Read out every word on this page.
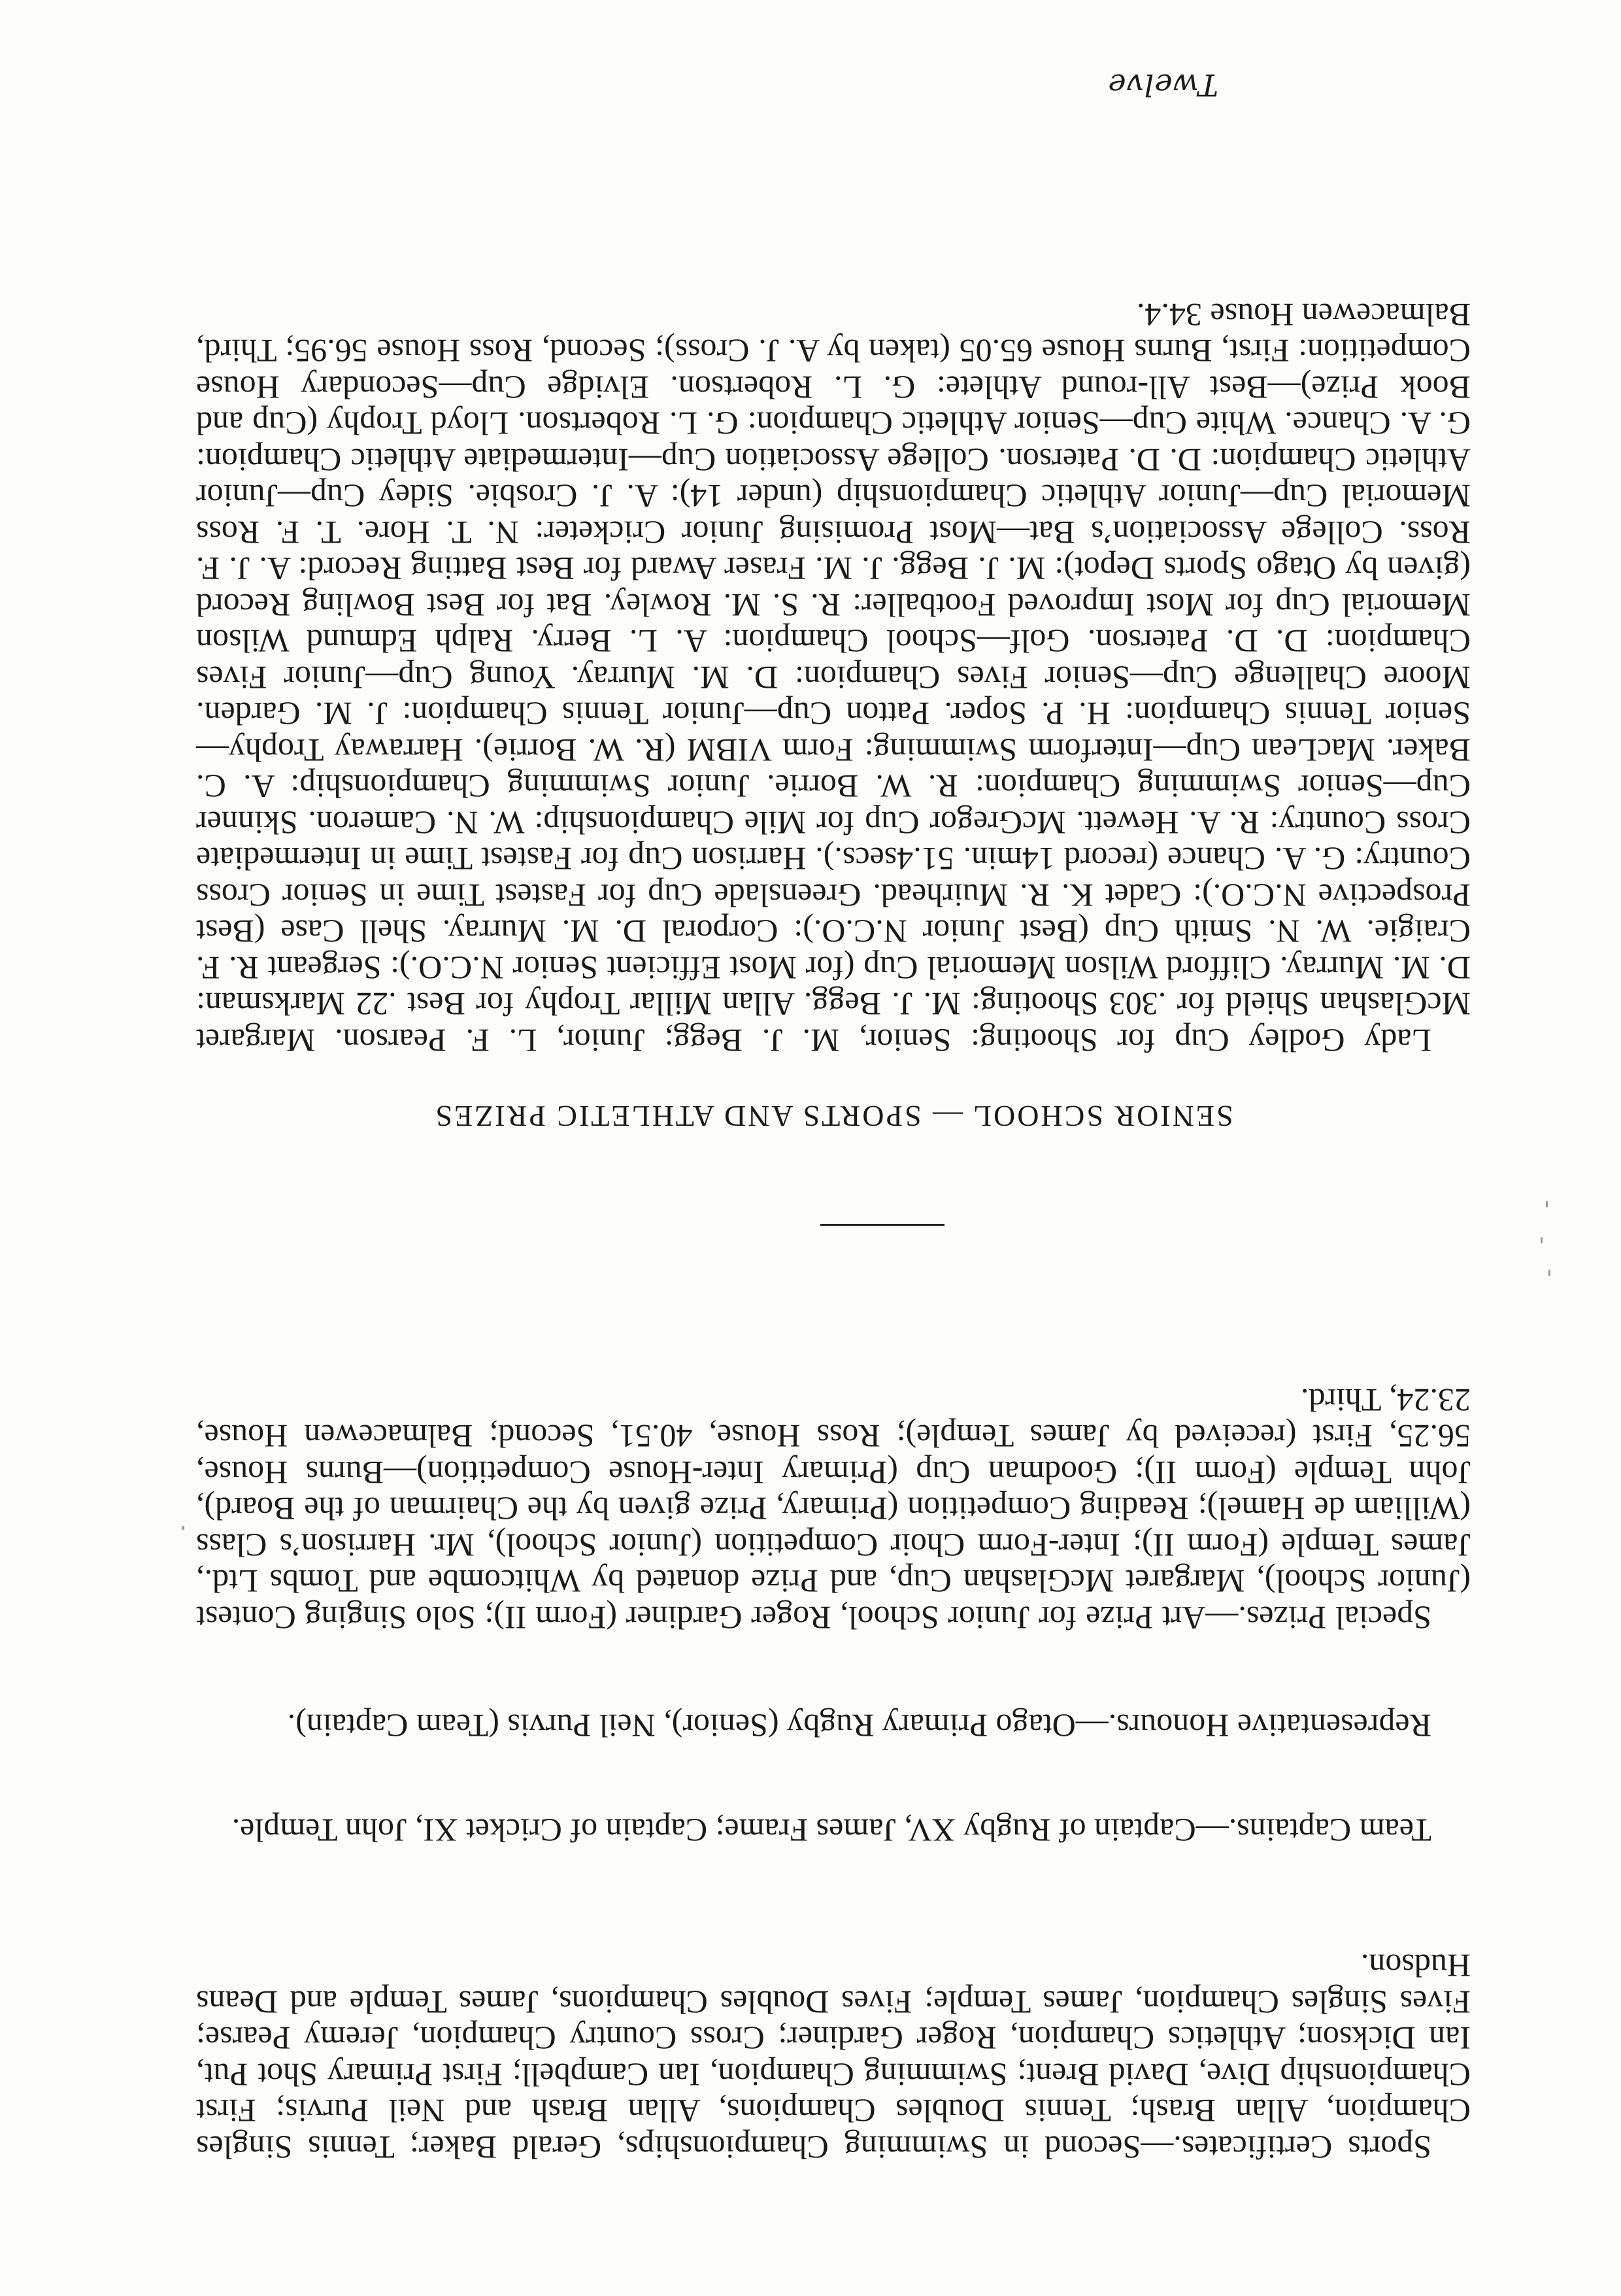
Twelve

Sports Certificates.—Second in Swimming Championships, Gerald Baker; Tennis Singles Champion, Allan Brash; Tennis Doubles Champions, Allan Brash and Neil Purvis; First Championship Dive, David Brent; Swimming Champion, Ian Campbell; First Primary Shot Put, Ian Dickson; Athletics Champion, Roger Gardiner; Cross Country Champion, Jeremy Pearse; Fives Singles Champion, James Temple; Fives Doubles Champions, James Temple and Deans Hudson.

Team Captains.—Captain of Rugby XV, James Frame; Captain of Cricket XI, John Temple.

Representative Honours.—Otago Primary Rugby (Senior), Neil Purvis (Team Captain).

Special Prizes.—Art Prize for Junior School, Roger Gardiner (Form II); Solo Singing Contest (Junior School), Margaret McGlashan Cup, and Prize donated by Whitcombe and Tombs Ltd., James Temple (Form II); Inter-Form Choir Competition (Junior School), Mr. Harrison’s Class (William de Hamel); Reading Competition (Primary, Prize given by the Chairman of the Board), John Temple (Form II); Goodman Cup (Primary Inter-House Competition)—Burns House, 56.25, First (received by James Temple); Ross House, 40.51, Second; Balmacewen House, 23.24, Third.

SENIOR SCHOOL — SPORTS AND ATHLETIC PRIZES

Lady Godley Cup for Shooting: Senior, M. J. Begg; Junior, L. F. Pearson. Margaret McGlashan Shield for .303 Shooting: M. J. Begg. Allan Millar Trophy for Best .22 Marksman: D. M. Murray. Clifford Wilson Memorial Cup (for Most Efficient Senior N.C.O.): Sergeant R. F. Craigie. W. N. Smith Cup (Best Junior N.C.O.): Corporal D. M. Murray. Shell Case (Best Prospective N.C.O.): Cadet K. R. Muirhead. Greenslade Cup for Fastest Time in Senior Cross Country: G. A. Chance (record 14min. 51.4secs.). Harrison Cup for Fastest Time in Intermediate Cross Country: R. A. Hewett. McGregor Cup for Mile Championship: W. N. Cameron. Skinner Cup—Senior Swimming Champion: R. W. Borrie. Junior Swimming Championship: A. C. Baker. MacLean Cup—Interform Swimming: Form VIBM (R. W. Borrie). Harraway Trophy—Senior Tennis Champion: H. P. Soper. Patton Cup—Junior Tennis Champion: J. M. Garden. Moore Challenge Cup—Senior Fives Champion: D. M. Murray. Young Cup—Junior Fives Champion: D. D. Paterson. Golf—School Champion: A. L. Berry. Ralph Edmund Wilson Memorial Cup for Most Improved Footballer: R. S. M. Rowley. Bat for Best Bowling Record (given by Otago Sports Depot): M. J. Begg. J. M. Fraser Award for Best Batting Record: A. J. F. Ross. College Association’s Bat—Most Promising Junior Cricketer: N. T. Hore. T. F. Ross Memorial Cup—Junior Athletic Championship (under 14): A. J. Crosbie. Sidey Cup—Junior Athletic Champion: D. D. Paterson. College Association Cup—Intermediate Athletic Champion: G. A. Chance. White Cup—Senior Athletic Champion: G. L. Robertson. Lloyd Trophy (Cup and Book Prize)—Best All-round Athlete: G. L. Robertson. Elvidge Cup—Secondary House Competition: First, Burns House 65.05 (taken by A. J. Cross); Second, Ross House 56.95; Third, Balmacewen House 34.4.
